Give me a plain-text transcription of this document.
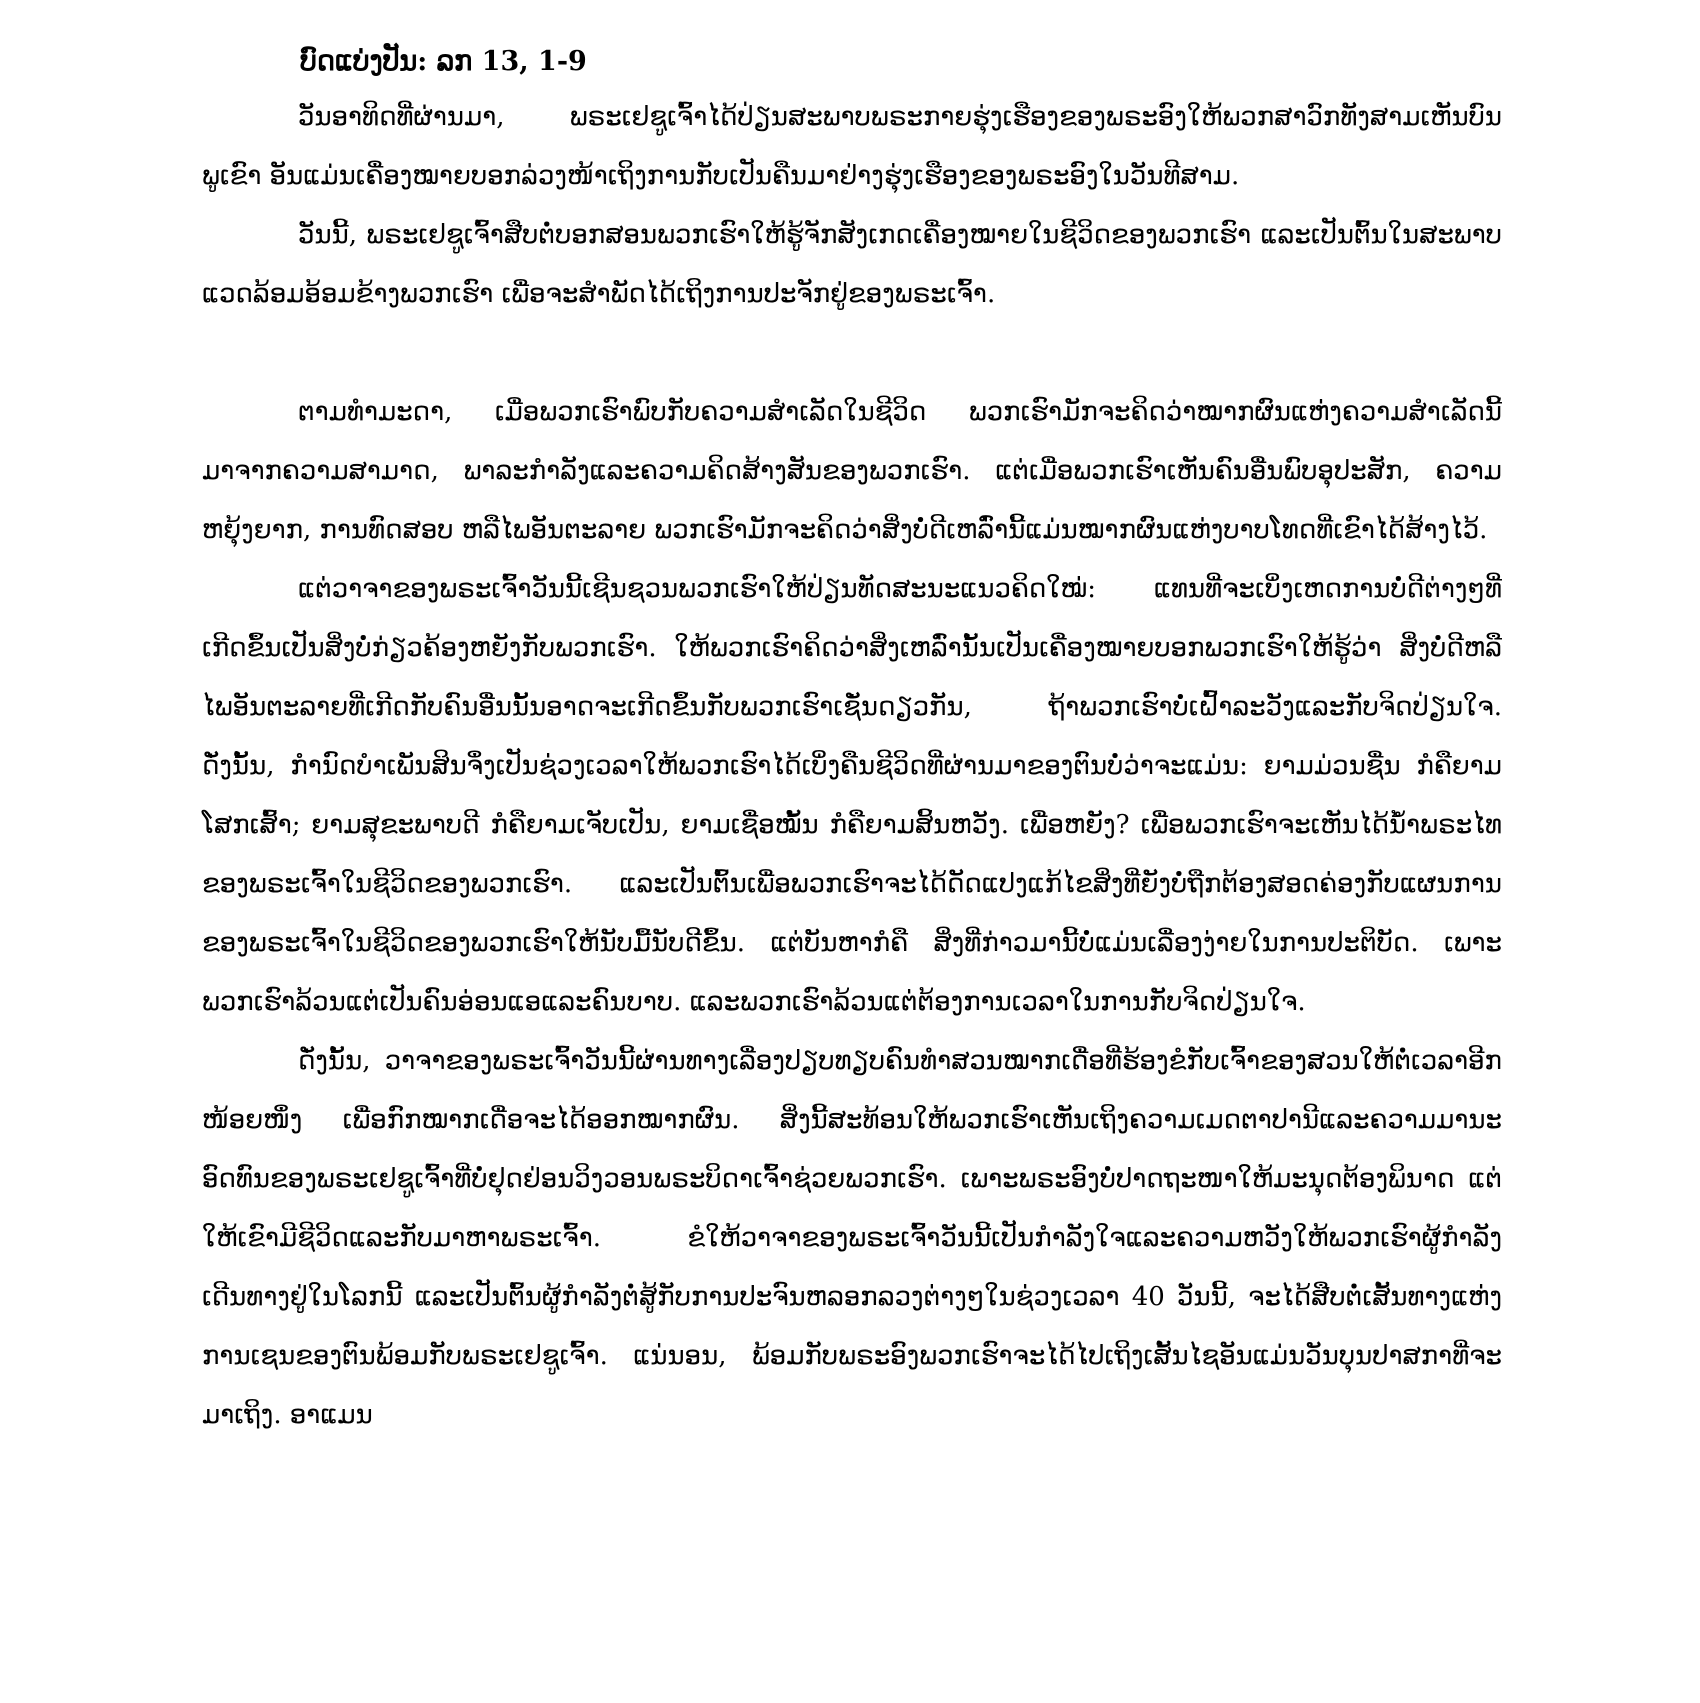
ບົດແບ່ງປັນ: ລກ 13, 1-9

ວັນອາທິດທີ່ຜ່ານມາ, ພຣະເຢຊູເຈົ້າໄດ້ປ່ຽນສະພາບພຣະກາຍຮຸ່ງເຮືອງຂອງພຣະອົງໃຫ້ພວກສາວົກທັງສາມເຫັນບົນພູເຂົາ ອັນແມ່ນເຄື່ອງໝາຍບອກລ່ວງໜ້າເຖິງການກັບເປັນຄືນມາຢ່າງຮຸ່ງເຮືອງຂອງພຣະອົງໃນວັນທີສາມ.

ວັນນີ້, ພຣະເຢຊູເຈົ້າສືບຕໍ່ບອກສອນພວກເຮົາໃຫ້ຮູ້ຈັກສັງເກດເຄື່ອງໝາຍໃນຊີວິດຂອງພວກເຮົາ ແລະເປັນຕົ້ນໃນສະພາບແວດລ້ອມອ້ອມຂ້າງພວກເຮົາ ເພື່ອຈະສຳພັດໄດ້ເຖິງການປະຈັກຢູ່ຂອງພຣະເຈົ້າ.

ຕາມທຳມະດາ, ເມື່ອພວກເຮົາພົບກັບຄວາມສຳເລັດໃນຊີວິດ ພວກເຮົາມັກຈະຄິດວ່າໝາກຜົນແຫ່ງຄວາມສຳເລັດນີ້ມາຈາກຄວາມສາມາດ, ພາລະກຳລັງແລະຄວາມຄິດສ້າງສັນຂອງພວກເຮົາ. ແຕ່ເມື່ອພວກເຮົາເຫັນຄົນອື່ນພົບອຸປະສັກ, ຄວາມຫຍຸ້ງຍາກ, ການທົດສອບ ຫລືໄພອັນຕະລາຍ ພວກເຮົາມັກຈະຄິດວ່າສິ່ງບໍ່ດີເຫລົ່ານີ້ແມ່ນໝາກຜົນແຫ່ງບາບໂທດທີ່ເຂົາໄດ້ສ້າງໄວ້.

ແຕ່ວາຈາຂອງພຣະເຈົ້າວັນນີ້ເຊີນຊວນພວກເຮົາໃຫ້ປ່ຽນທັດສະນະແນວຄິດໃໝ່: ແທນທີ່ຈະເບິ່ງເຫດການບໍ່ດີຕ່າງໆທີ່ເກີດຂຶ້ນເປັນສິ່ງບໍ່ກ່ຽວຄ້ອງຫຍັງກັບພວກເຮົາ. ໃຫ້ພວກເຮົາຄິດວ່າສິ່ງເຫລົ່ານັ້ນເປັນເຄື່ອງໝາຍບອກພວກເຮົາໃຫ້ຮູ້ວ່າ ສິ່ງບໍ່ດີຫລືໄພອັນຕະລາຍທີ່ເກີດກັບຄົນອື່ນນັ້ນອາດຈະເກີດຂຶ້ນກັບພວກເຮົາເຊັ່ນດຽວກັນ, ຖ້າພວກເຮົາບໍ່ເຝົ້າລະວັງແລະກັບຈິດປ່ຽນໃຈ. ດັ່ງນັ້ນ, ກຳນົດບຳເພັນສິນຈຶ່ງເປັນຊ່ວງເວລາໃຫ້ພວກເຮົາໄດ້ເບິ່ງຄືນຊີວິດທີ່ຜ່ານມາຂອງຕົນບໍ່ວ່າຈະແມ່ນ: ຍາມມ່ວນຊື່ນ ກໍຄືຍາມໂສກເສົ້າ; ຍາມສຸຂະພາບດີ ກໍຄືຍາມເຈັບເປັນ, ຍາມເຊື່ອໝັ້ນ ກໍຄືຍາມສິ້ນຫວັງ. ເພື່ອຫຍັງ? ເພື່ອພວກເຮົາຈະເຫັນໄດ້ນ້ຳພຣະໄທຂອງພຣະເຈົ້າໃນຊີວິດຂອງພວກເຮົາ. ແລະເປັນຕົ້ນເພື່ອພວກເຮົາຈະໄດ້ດັດແປງແກ້ໄຂສິ່ງທີ່ຍັງບໍ່ຖືກຕ້ອງສອດຄ່ອງກັບແຜນການຂອງພຣະເຈົ້າໃນຊີວິດຂອງພວກເຮົາໃຫ້ນັບມື້ນັບດີຂຶ້ນ. ແຕ່ບັນຫາກໍຄື ສິ່ງທີ່ກ່າວມານີ້ບໍ່ແມ່ນເລື່ອງງ່າຍໃນການປະຕິບັດ. ເພາະພວກເຮົາລ້ວນແຕ່ເປັນຄົນອ່ອນແອແລະຄົນບາບ. ແລະພວກເຮົາລ້ວນແຕ່ຕ້ອງການເວລາໃນການກັບຈິດປ່ຽນໃຈ.

ດັ່ງນັ້ນ, ວາຈາຂອງພຣະເຈົ້າວັນນີ້ຜ່ານທາງເລື່ອງປຽບທຽບຄົນທຳສວນໝາກເດື່ອທີ່ຮ້ອງຂໍກັບເຈົ້າຂອງສວນໃຫ້ຕໍ່ເວລາອີກໜ້ອຍໜຶ່ງ ເພື່ອກົກໝາກເດື່ອຈະໄດ້ອອກໝາກຜົນ. ສິ່ງນີ້ສະທ້ອນໃຫ້ພວກເຮົາເຫັນເຖິງຄວາມເມດຕາປານີແລະຄວາມມານະອົດທົນຂອງພຣະເຢຊູເຈົ້າທີ່ບໍ່ຢຸດຢ່ອນວິງວອນພຣະບິດາເຈົ້າຊ່ວຍພວກເຮົາ. ເພາະພຣະອົງບໍ່ປາດຖະໜາໃຫ້ມະນຸດຕ້ອງພິນາດ ແຕ່ໃຫ້ເຂົາມີຊີວິດແລະກັບມາຫາພຣະເຈົ້າ. ຂໍໃຫ້ວາຈາຂອງພຣະເຈົ້າວັນນີ້ເປັນກຳລັງໃຈແລະຄວາມຫວັງໃຫ້ພວກເຮົາຜູ້ກຳລັງເດີນທາງຢູ່ໃນໂລກນີ້ ແລະເປັນຕົ້ນຜູ້ກຳລັງຕໍ່ສູ້ກັບການປະຈົນຫລອກລວງຕ່າງໆໃນຊ່ວງເວລາ 40 ວັນນີ້, ຈະໄດ້ສືບຕໍ່ເສັ້ນທາງແຫ່ງການເຊນຂອງຕົນພ້ອມກັບພຣະເຢຊູເຈົ້າ. ແນ່ນອນ, ພ້ອມກັບພຣະອົງພວກເຮົາຈະໄດ້ໄປເຖິງເສັ້ນໄຊອັນແມ່ນວັນບຸນປາສກາທີ່ຈະມາເຖິງ. ອາແມນ
